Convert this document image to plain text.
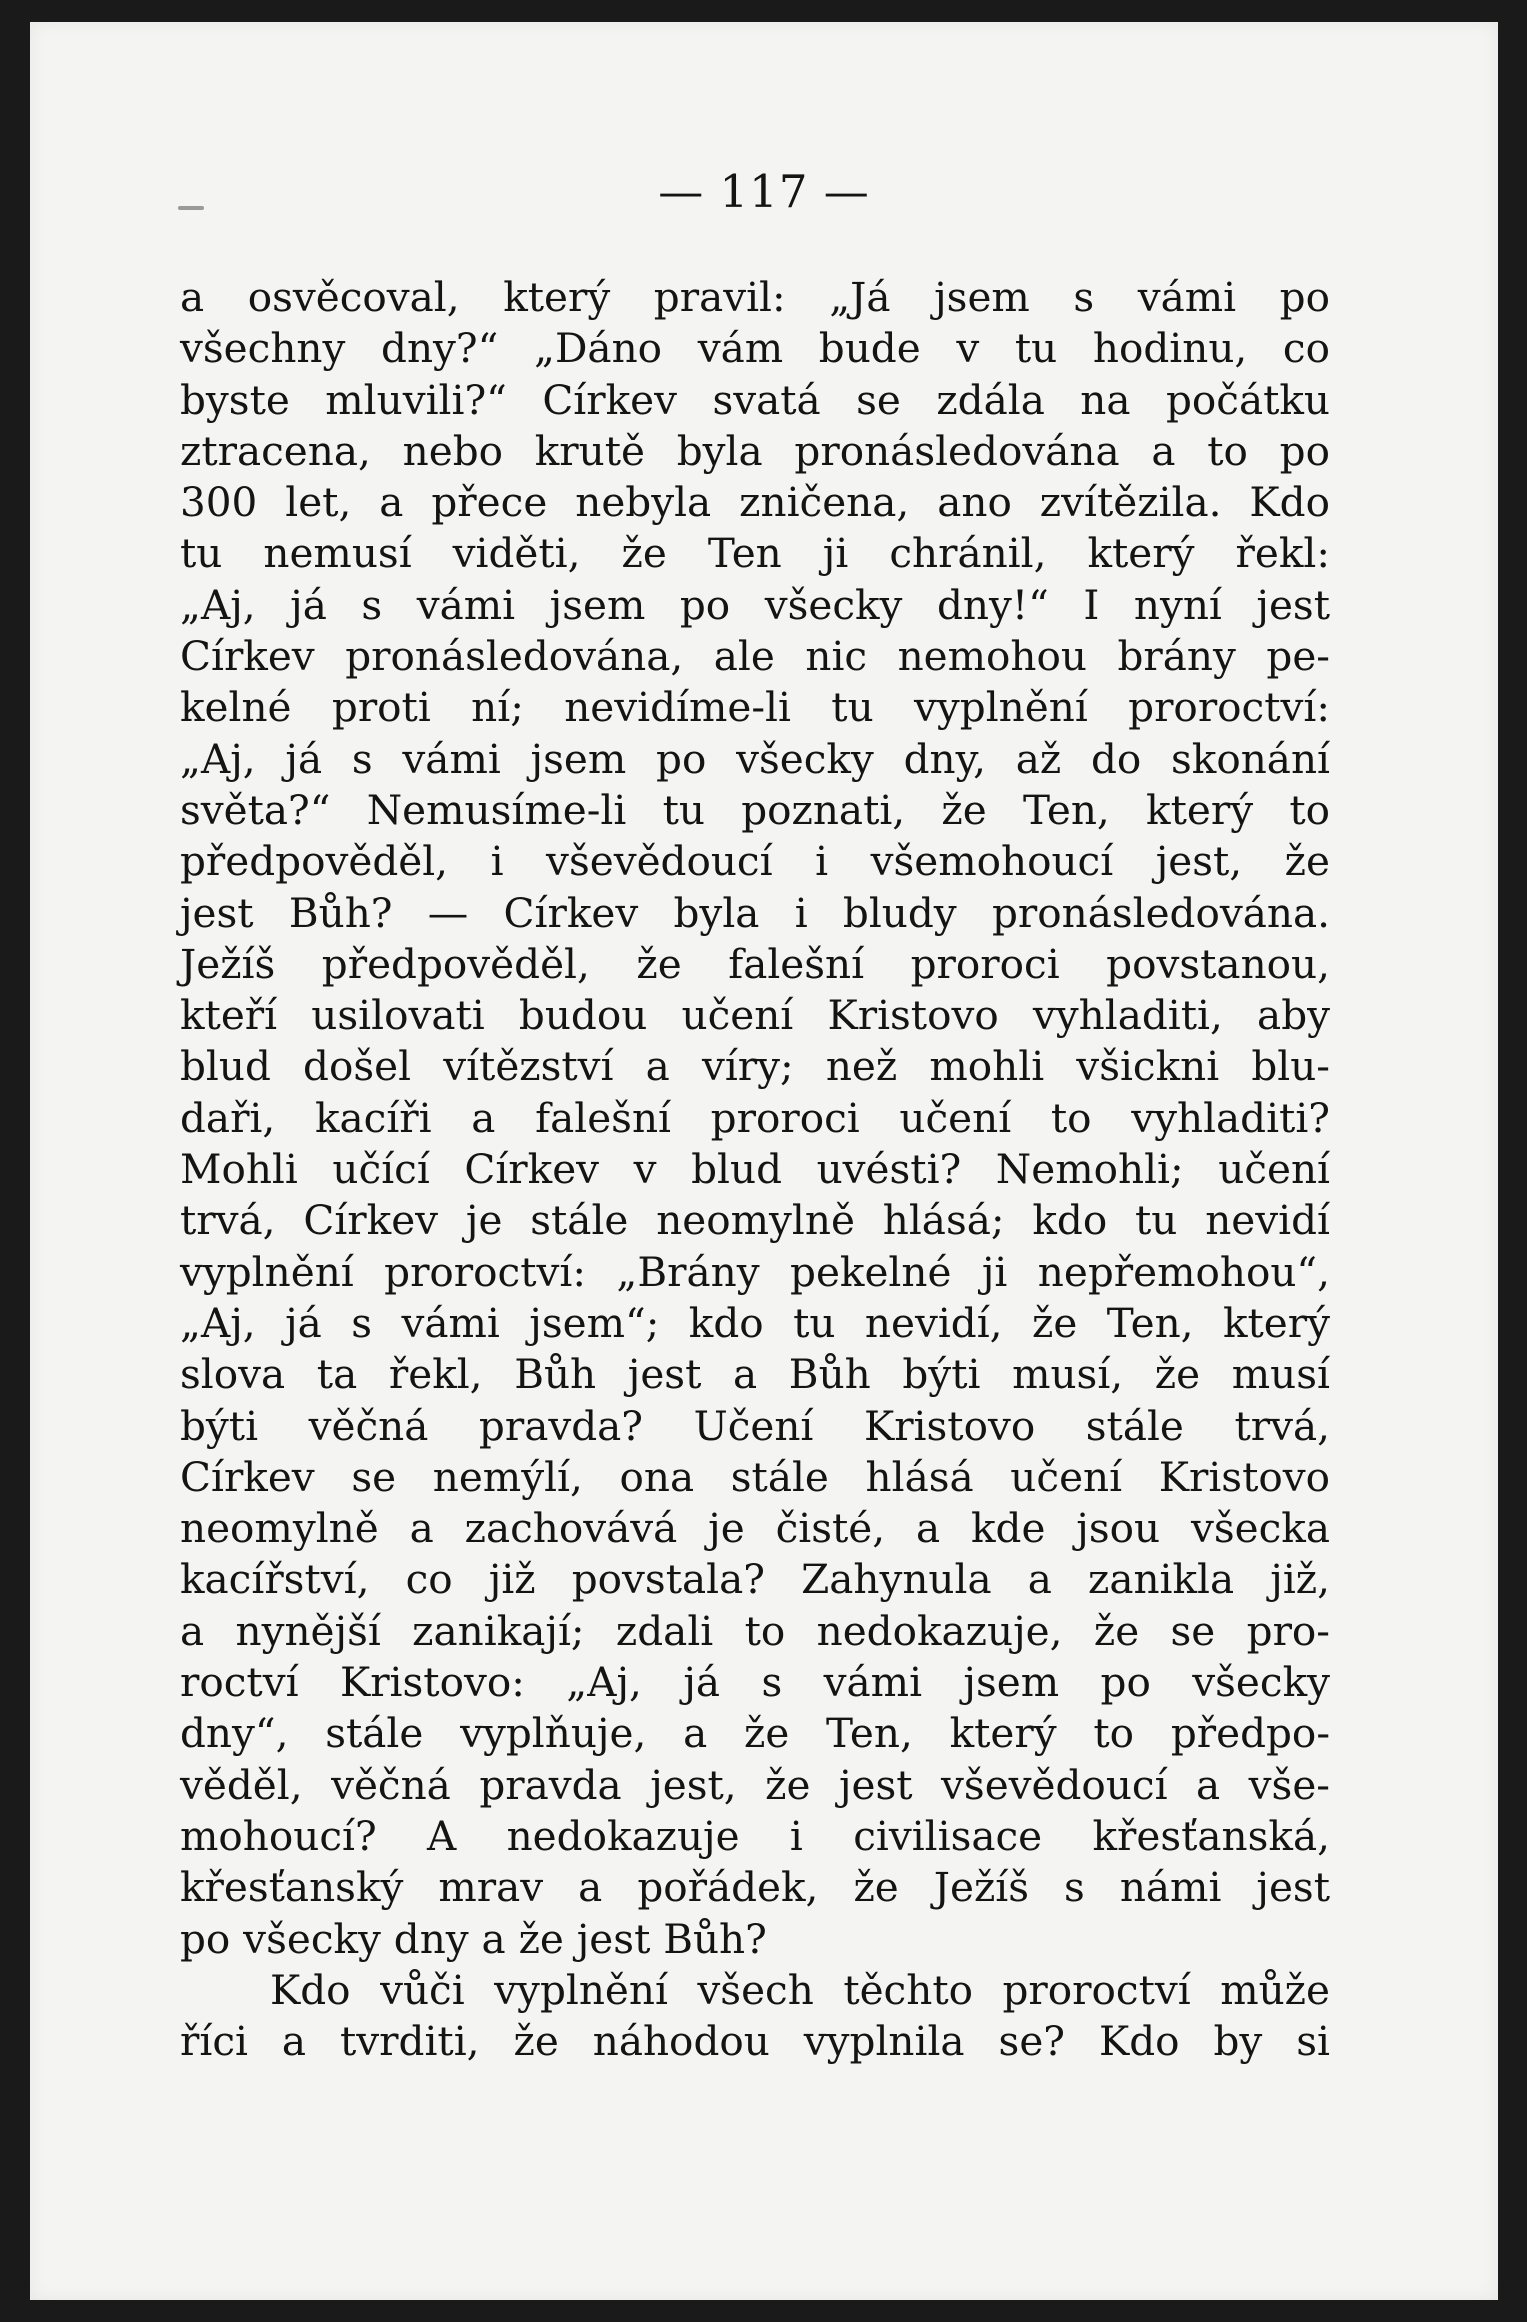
— 117 —
a osvěcoval, který pravil: „Já jsem s vámi po
všechny dny?“ „Dáno vám bude v tu hodinu, co
byste mluvili?“ Církev svatá se zdála na počátku
ztracena, nebo krutě byla pronásledována a to po
300 let, a přece nebyla zničena, ano zvítězila. Kdo
tu nemusí viděti, že Ten ji chránil, který řekl:
„Aj, já s vámi jsem po všecky dny!“ I nyní jest
Církev pronásledována, ale nic nemohou brány pe-
kelné proti ní; nevidíme-li tu vyplnění proroctví:
„Aj, já s vámi jsem po všecky dny, až do skonání
světa?“ Nemusíme-li tu poznati, že Ten, který to
předpověděl, i vševědoucí i všemohoucí jest, že
jest Bůh? — Církev byla i bludy pronásledována.
Ježíš předpověděl, že falešní proroci povstanou,
kteří usilovati budou učení Kristovo vyhladiti, aby
blud došel vítězství a víry; než mohli všickni blu-
daři, kacíři a falešní proroci učení to vyhladiti?
Mohli učící Církev v blud uvésti? Nemohli; učení
trvá, Církev je stále neomylně hlásá; kdo tu nevidí
vyplnění proroctví: „Brány pekelné ji nepřemohou“,
„Aj, já s vámi jsem“; kdo tu nevidí, že Ten, který
slova ta řekl, Bůh jest a Bůh býti musí, že musí
býti věčná pravda? Učení Kristovo stále trvá,
Církev se nemýlí, ona stále hlásá učení Kristovo
neomylně a zachovává je čisté, a kde jsou všecka
kacířství, co již povstala? Zahynula a zanikla již,
a nynější zanikají; zdali to nedokazuje, že se pro-
roctví Kristovo: „Aj, já s vámi jsem po všecky
dny“, stále vyplňuje, a že Ten, který to předpo-
věděl, věčná pravda jest, že jest vševědoucí a vše-
mohoucí? A nedokazuje i civilisace křesťanská,
křesťanský mrav a pořádek, že Ježíš s námi jest
po všecky dny a že jest Bůh?
Kdo vůči vyplnění všech těchto proroctví může
říci a tvrditi, že náhodou vyplnila se? Kdo by si
